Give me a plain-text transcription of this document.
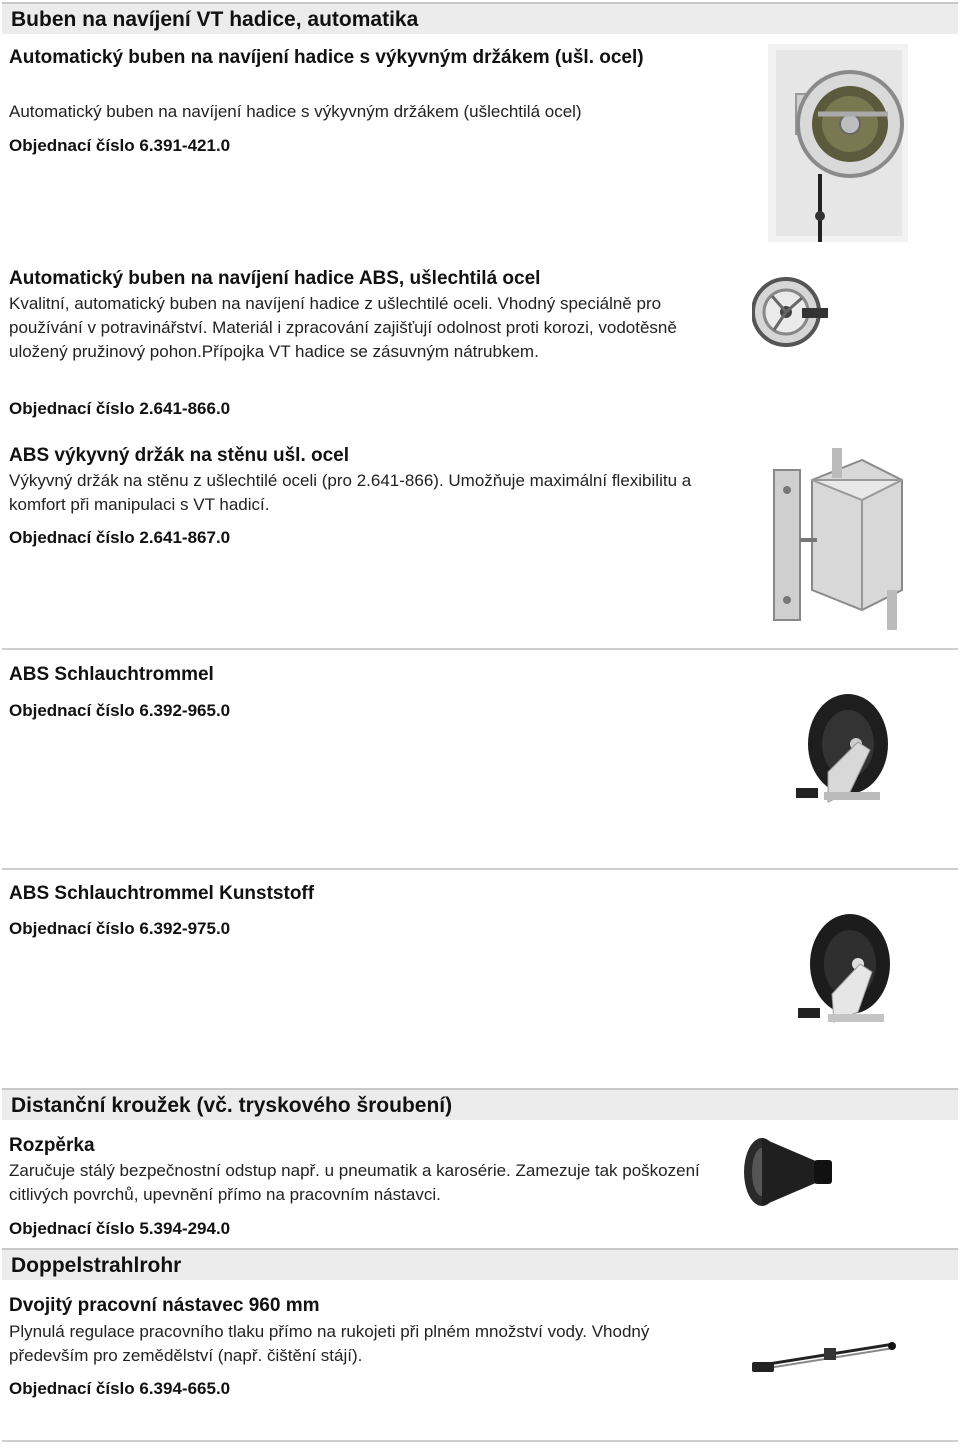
Buben na navíjení VT hadice, automatika
Automatický buben na navíjení hadice s výkyvným držákem (ušl. ocel)
Automatický buben na navíjení hadice s výkyvným držákem (ušlechtilá ocel)
Objednací číslo 6.391-421.0
Automatický buben na navíjení hadice ABS, ušlechtilá ocel
Kvalitní, automatický buben na navíjení hadice z ušlechtilé oceli. Vhodný speciálně pro používání v potravinářství. Materiál i zpracování zajišťují odolnost proti korozi, vodotěsně uložený pružinový pohon.Přípojka VT hadice se zásuvným nátrubkem.
Objednací číslo 2.641-866.0
ABS výkyvný držák na stěnu ušl. ocel
Výkyvný držák na stěnu z ušlechtilé oceli (pro 2.641-866). Umožňuje maximální flexibilitu a komfort při manipulaci s VT hadicí.
Objednací číslo 2.641-867.0
ABS Schlauchtrommel
Objednací číslo 6.392-965.0
ABS Schlauchtrommel Kunststoff
Objednací číslo 6.392-975.0
Distanční kroužek (vč. tryskového šroubení)
Rozpěrka
Zaručuje stálý bezpečnostní odstup např. u pneumatik a karosérie. Zamezuje tak poškození citlivých povrchů, upevnění přímo na pracovním nástavci.
Objednací číslo 5.394-294.0
Doppelstrahlrohr
Dvojitý pracovní nástavec 960 mm
Plynulá regulace pracovního tlaku přímo na rukojeti při plném množství vody. Vhodný především pro zemědělství (např. čištění stájí).
Objednací číslo 6.394-665.0
